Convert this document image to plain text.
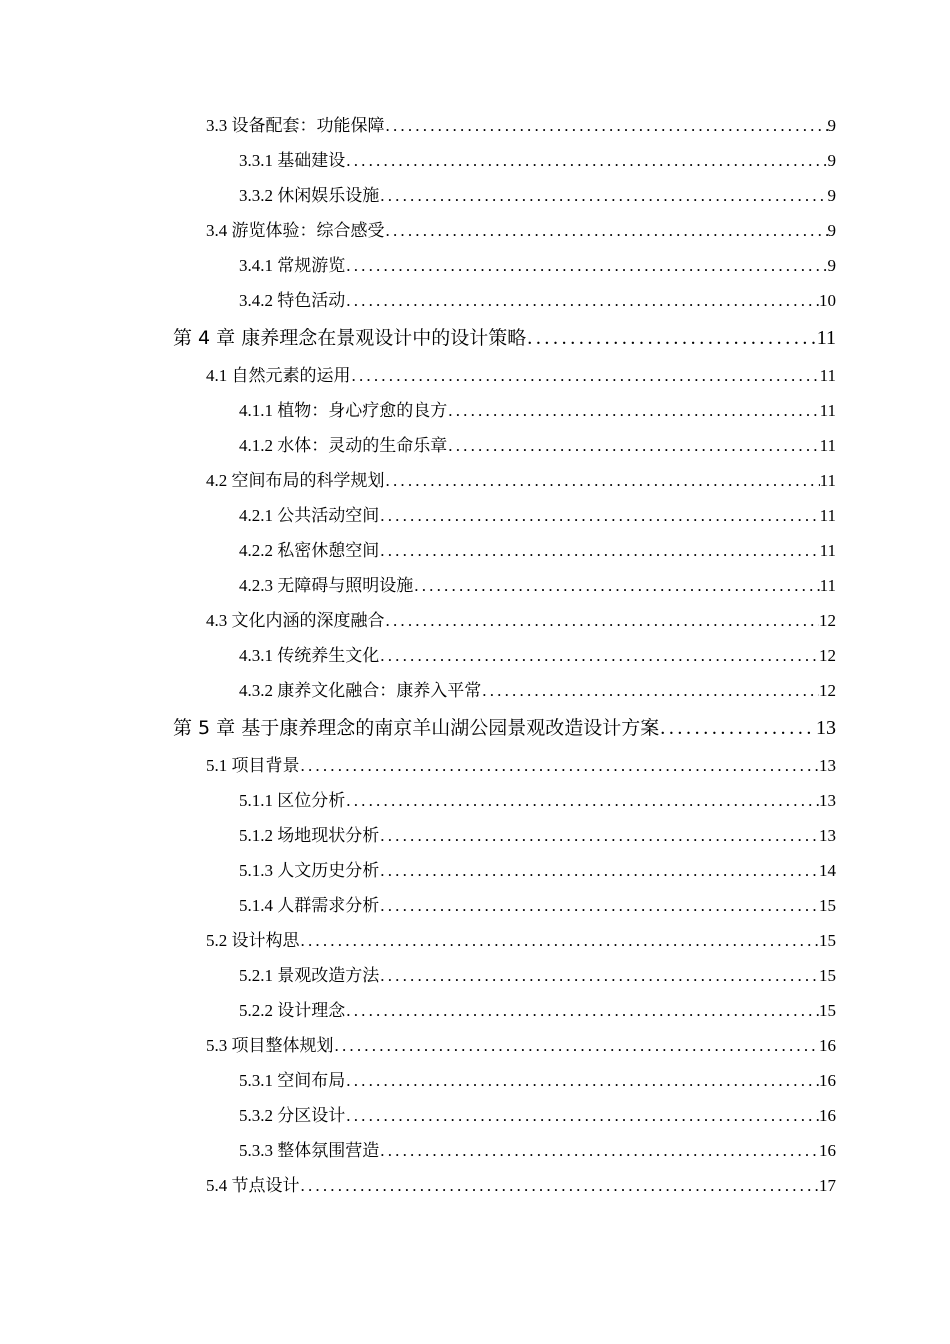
3.3 设备配套：功能保障 .....	9
3.3.1 基础建设 .....	9
3.3.2 休闲娱乐设施 .....	9
3.4 游览体验：综合感受 .....	9
3.4.1 常规游览 .....	9
3.4.2 特色活动 .....	10
第 4 章 康养理念在景观设计中的设计策略 .....	11
4.1 自然元素的运用 .....	11
4.1.1 植物：身心疗愈的良方 .....	11
4.1.2 水体：灵动的生命乐章 .....	11
4.2 空间布局的科学规划 .....	11
4.2.1 公共活动空间 .....	11
4.2.2 私密休憩空间 .....	11
4.2.3 无障碍与照明设施 .....	11
4.3 文化内涵的深度融合 .....	12
4.3.1 传统养生文化 .....	12
4.3.2 康养文化融合：康养入平常 .....	12
第 5 章 基于康养理念的南京羊山湖公园景观改造设计方案 .....	13
5.1 项目背景 .....	13
5.1.1 区位分析 .....	13
5.1.2 场地现状分析 .....	13
5.1.3 人文历史分析 .....	14
5.1.4 人群需求分析 .....	15
5.2 设计构思 .....	15
5.2.1 景观改造方法 .....	15
5.2.2 设计理念 .....	15
5.3 项目整体规划 .....	16
5.3.1 空间布局 .....	16
5.3.2 分区设计 .....	16
5.3.3 整体氛围营造 .....	16
5.4 节点设计 .....	17
